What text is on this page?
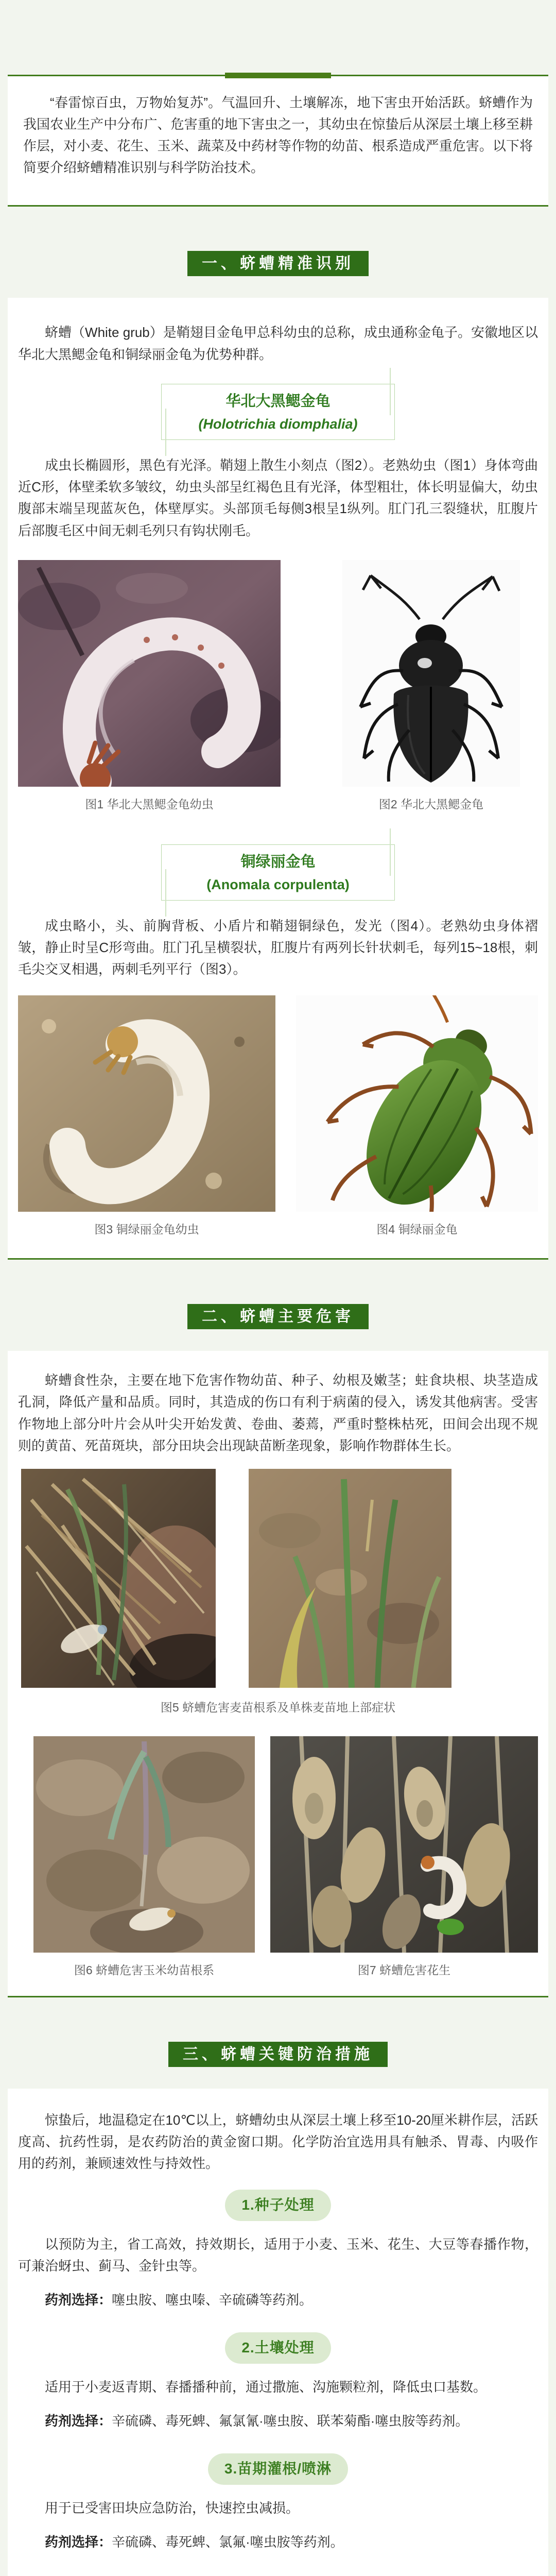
“春雷惊百虫，万物始复苏”。气温回升、土壤解冻，地下害虫开始活跃。蛴螬作为我国农业生产中分布广、危害重的地下害虫之一，其幼虫在惊蛰后从深层土壤上移至耕作层，对小麦、花生、玉米、蔬菜及中药材等作物的幼苗、根系造成严重危害。以下将简要介绍蛴螬精准识别与科学防治技术。

一、蛴螬精准识别

蛴螬（White grub）是鞘翅目金龟甲总科幼虫的总称，成虫通称金龟子。安徽地区以华北大黑鳃金龟和铜绿丽金龟为优势种群。

华北大黑鳃金龟
(Holotrichia diomphalia)

成虫长椭圆形，黑色有光泽。鞘翅上散生小刻点（图2）。老熟幼虫（图1）身体弯曲近C形，体壁柔软多皱纹，幼虫头部呈红褐色且有光泽，体型粗壮，体长明显偏大，幼虫腹部末端呈现蓝灰色，体壁厚实。头部顶毛每侧3根呈1纵列。肛门孔三裂缝状，肛腹片后部腹毛区中间无刺毛列只有钩状刚毛。

图1 华北大黑鳃金龟幼虫	图2 华北大黑鳃金龟
铜绿丽金龟
(Anomala corpulenta)

成虫略小，头、前胸背板、小盾片和鞘翅铜绿色，发光（图4）。老熟幼虫身体褶皱，静止时呈C形弯曲。肛门孔呈横裂状，肛腹片有两列长针状刺毛，每列15~18根，刺毛尖交叉相遇，两刺毛列平行（图3）。

图3 铜绿丽金龟幼虫	图4 铜绿丽金龟
二、蛴螬主要危害

蛴螬食性杂，主要在地下危害作物幼苗、种子、幼根及嫩茎；蛀食块根、块茎造成孔洞，降低产量和品质。同时，其造成的伤口有利于病菌的侵入，诱发其他病害。受害作物地上部分叶片会从叶尖开始发黄、卷曲、萎蔫，严重时整株枯死，田间会出现不规则的黄苗、死苗斑块，部分田块会出现缺苗断垄现象，影响作物群体生长。

图5 蛴螬危害麦苗根系及单株麦苗地上部症状
图6 蛴螬危害玉米幼苗根系	图7 蛴螬危害花生
三、蛴螬关键防治措施

惊蛰后，地温稳定在10℃以上，蛴螬幼虫从深层土壤上移至10-20厘米耕作层，活跃度高、抗药性弱，是农药防治的黄金窗口期。化学防治宜选用具有触杀、胃毒、内吸作用的药剂，兼顾速效性与持效性。

1.种子处理

以预防为主，省工高效，持效期长，适用于小麦、玉米、花生、大豆等春播作物，可兼治蚜虫、蓟马、金针虫等。

药剂选择：噻虫胺、噻虫嗪、辛硫磷等药剂。

2.土壤处理

适用于小麦返青期、春播播种前，通过撒施、沟施颗粒剂，降低虫口基数。

药剂选择：辛硫磷、毒死蜱、氟氯氰·噻虫胺、联苯菊酯·噻虫胺等药剂。

3.苗期灌根/喷淋

用于已受害田块应急防治，快速控虫减损。

药剂选择：辛硫磷、毒死蜱、氯氟·噻虫胺等药剂。
